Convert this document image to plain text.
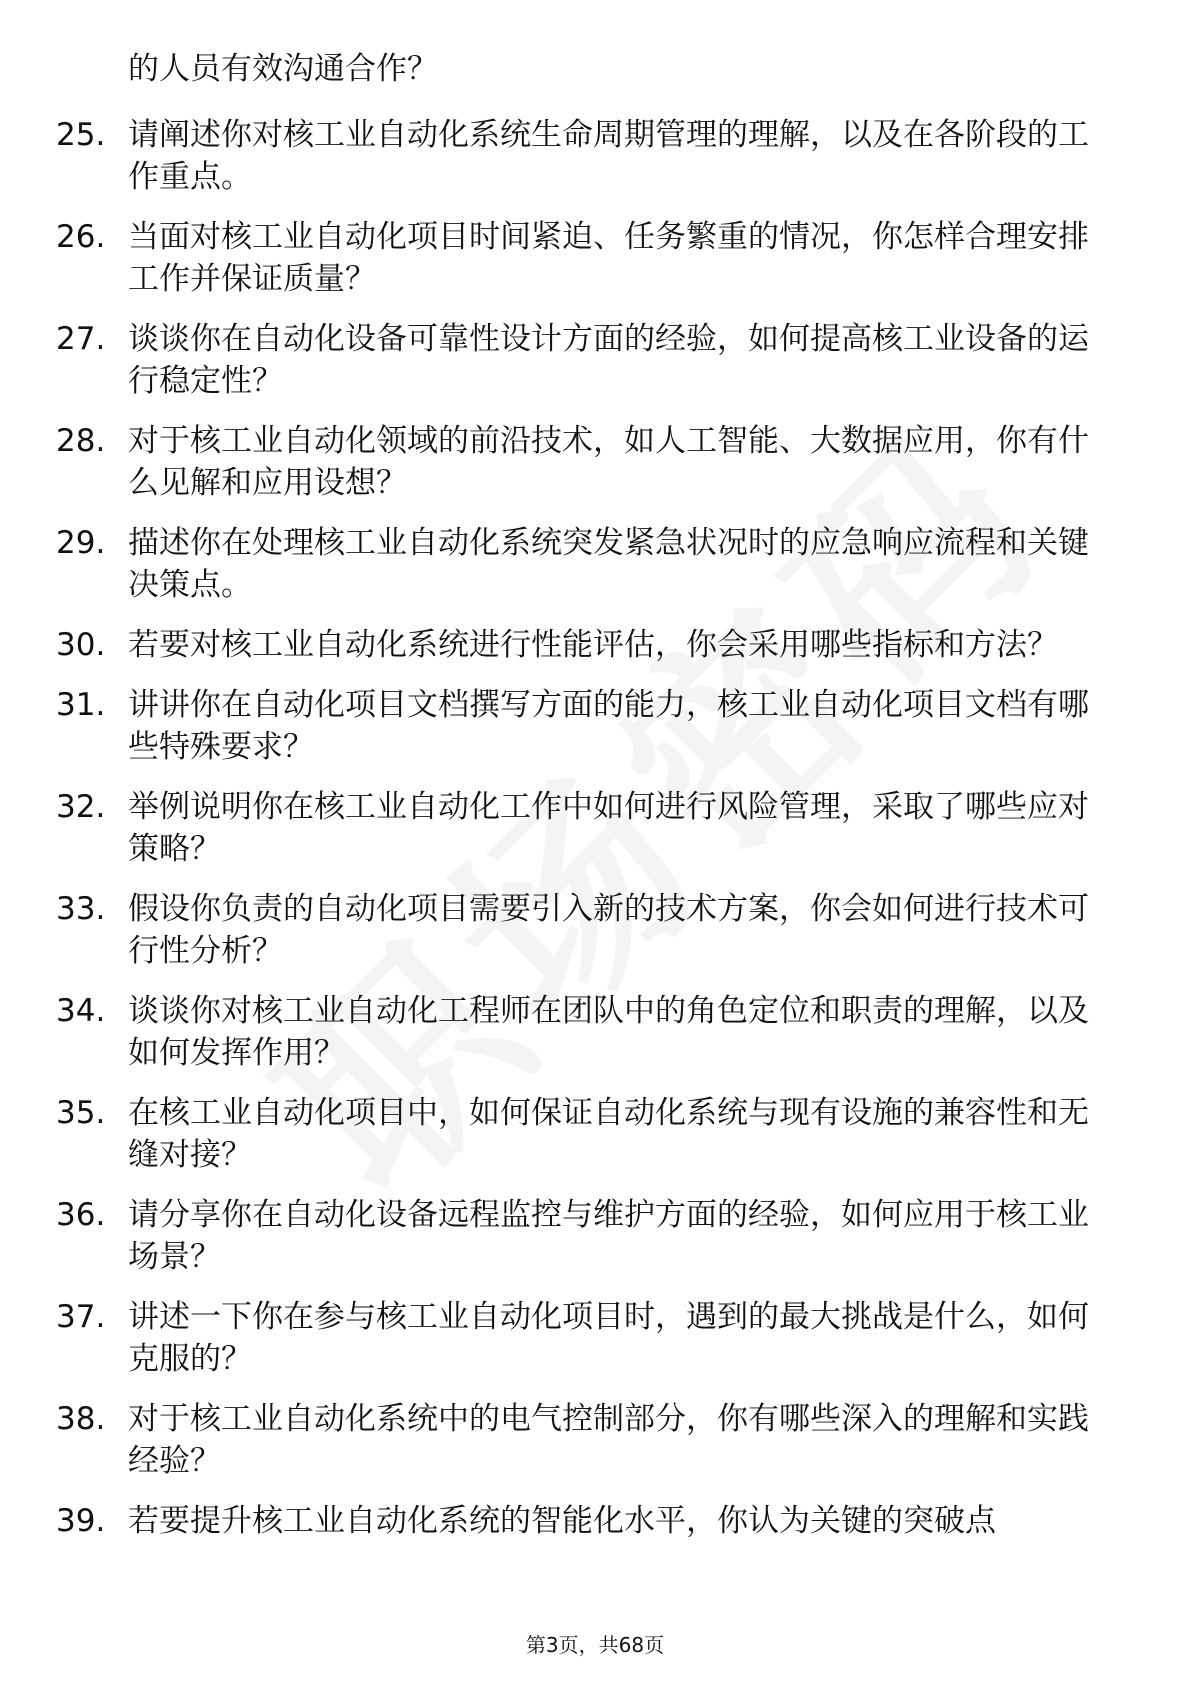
的人员有效沟通合作？
25. 请阐述你对核工业自动化系统生命周期管理的理解，以及在各阶段的工作重点。
26. 当面对核工业自动化项目时间紧迫、任务繁重的情况，你怎样合理安排工作并保证质量？
27. 谈谈你在自动化设备可靠性设计方面的经验，如何提高核工业设备的运行稳定性？
28. 对于核工业自动化领域的前沿技术，如人工智能、大数据应用，你有什么见解和应用设想？
29. 描述你在处理核工业自动化系统突发紧急状况时的应急响应流程和关键决策点。
30. 若要对核工业自动化系统进行性能评估，你会采用哪些指标和方法？
31. 讲讲你在自动化项目文档撰写方面的能力，核工业自动化项目文档有哪些特殊要求？
32. 举例说明你在核工业自动化工作中如何进行风险管理，采取了哪些应对策略？
33. 假设你负责的自动化项目需要引入新的技术方案，你会如何进行技术可行性分析？
34. 谈谈你对核工业自动化工程师在团队中的角色定位和职责的理解，以及如何发挥作用？
35. 在核工业自动化项目中，如何保证自动化系统与现有设施的兼容性和无缝对接？
36. 请分享你在自动化设备远程监控与维护方面的经验，如何应用于核工业场景？
37. 讲述一下你在参与核工业自动化项目时，遇到的最大挑战是什么，如何克服的？
38. 对于核工业自动化系统中的电气控制部分，你有哪些深入的理解和实践经验？
39. 若要提升核工业自动化系统的智能化水平，你认为关键的突破点
第3页，共68页
